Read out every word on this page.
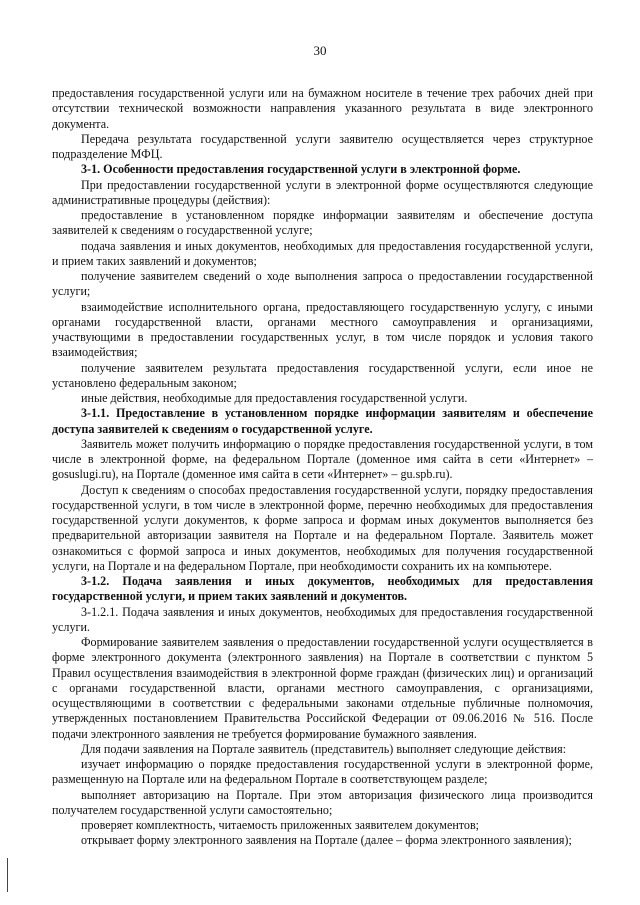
30

предоставления государственной услуги или на бумажном носителе в течение трех рабочих дней при отсутствии технической возможности направления указанного результата в виде электронного документа.

Передача результата государственной услуги заявителю осуществляется через структурное подразделение МФЦ.

3-1. Особенности предоставления государственной услуги в электронной форме.

При предоставлении государственной услуги в электронной форме осуществляются следующие административные процедуры (действия):

предоставление в установленном порядке информации заявителям и обеспечение доступа заявителей к сведениям о государственной услуге;

подача заявления и иных документов, необходимых для предоставления государственной услуги, и прием таких заявлений и документов;

получение заявителем сведений о ходе выполнения запроса о предоставлении государственной услуги;

взаимодействие исполнительного органа, предоставляющего государственную услугу, с иными органами государственной власти, органами местного самоуправления и организациями, участвующими в предоставлении государственных услуг, в том числе порядок и условия такого взаимодействия;

получение заявителем результата предоставления государственной услуги, если иное не установлено федеральным законом;

иные действия, необходимые для предоставления государственной услуги.

3-1.1. Предоставление в установленном порядке информации заявителям и обеспечение доступа заявителей к сведениям о государственной услуге.

Заявитель может получить информацию о порядке предоставления государственной услуги, в том числе в электронной форме, на федеральном Портале (доменное имя сайта в сети «Интернет» – gosuslugi.ru), на Портале (доменное имя сайта в сети «Интернет» – gu.spb.ru).

Доступ к сведениям о способах предоставления государственной услуги, порядку предоставления государственной услуги, в том числе в электронной форме, перечню необходимых для предоставления государственной услуги документов, к форме запроса и формам иных документов выполняется без предварительной авторизации заявителя на Портале и на федеральном Портале. Заявитель может ознакомиться с формой запроса и иных документов, необходимых для получения государственной услуги, на Портале и на федеральном Портале, при необходимости сохранить их на компьютере.

3-1.2. Подача заявления и иных документов, необходимых для предоставления государственной услуги, и прием таких заявлений и документов.

3-1.2.1. Подача заявления и иных документов, необходимых для предоставления государственной услуги.

Формирование заявителем заявления о предоставлении государственной услуги осуществляется в форме электронного документа (электронного заявления) на Портале в соответствии с пунктом 5 Правил осуществления взаимодействия в электронной форме граждан (физических лиц) и организаций с органами государственной власти, органами местного самоуправления, с организациями, осуществляющими в соответствии с федеральными законами отдельные публичные полномочия, утвержденных постановлением Правительства Российской Федерации от 09.06.2016 № 516. После подачи электронного заявления не требуется формирование бумажного заявления.

Для подачи заявления на Портале заявитель (представитель) выполняет следующие действия:

изучает информацию о порядке предоставления государственной услуги в электронной форме, размещенную на Портале или на федеральном Портале в соответствующем разделе;

выполняет авторизацию на Портале. При этом авторизация физического лица производится получателем государственной услуги самостоятельно;

проверяет комплектность, читаемость приложенных заявителем документов;

открывает форму электронного заявления на Портале (далее – форма электронного заявления);
